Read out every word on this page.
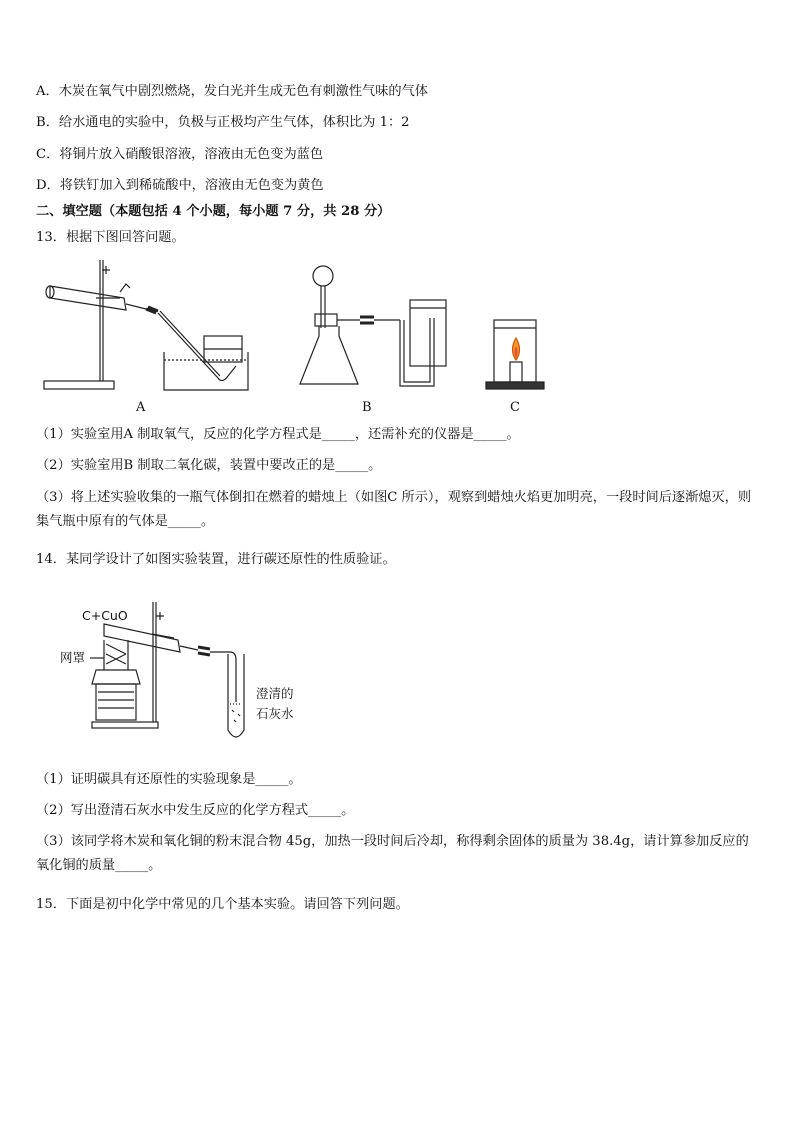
A．木炭在氧气中剧烈燃烧，发白光并生成无色有刺激性气味的气体
B．给水通电的实验中，负极与正极均产生气体，体积比为 1：2
C．将铜片放入硝酸银溶液，溶液由无色变为蓝色
D．将铁钉加入到稀硫酸中，溶液由无色变为黄色
二、填空题（本题包括 4 个小题，每小题 7 分，共 28 分）
13．根据下图回答问题。
A	B	C
（1）实验室用A 制取氧气，反应的化学方程式是_____，还需补充的仪器是_____。
（2）实验室用B 制取二氧化碳，装置中要改正的是_____。
（3）将上述实验收集的一瓶气体倒扣在燃着的蜡烛上（如图C 所示），观察到蜡烛火焰更加明亮，一段时间后逐渐熄灭，则集气瓶中原有的气体是_____。
14．某同学设计了如图实验装置，进行碳还原性的性质验证。
C+CuO
网罩
澄清的
石灰水
（1）证明碳具有还原性的实验现象是_____。
（2）写出澄清石灰水中发生反应的化学方程式_____。
（3）该同学将木炭和氧化铜的粉末混合物 45g，加热一段时间后冷却，称得剩余固体的质量为 38.4g，请计算参加反应的氧化铜的质量_____。
15．下面是初中化学中常见的几个基本实验。请回答下列问题。
